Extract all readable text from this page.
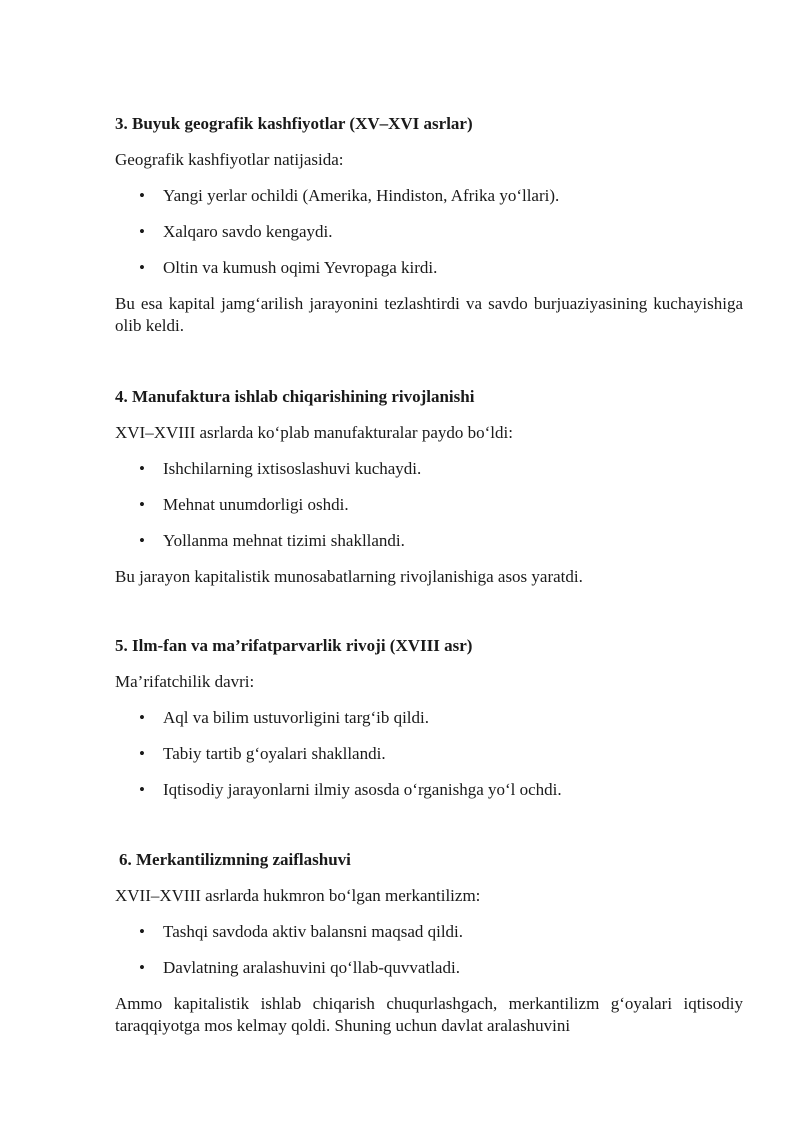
3. Buyuk geografik kashfiyotlar (XV–XVI asrlar)

Geografik kashfiyotlar natijasida:

• Yangi yerlar ochildi (Amerika, Hindiston, Afrika yo‘llari).
• Xalqaro savdo kengaydi.
• Oltin va kumush oqimi Yevropaga kirdi.

Bu esa kapital jamg‘arilish jarayonini tezlashtirdi va savdo burjuaziyasining kuchayishiga olib keldi.

4. Manufaktura ishlab chiqarishining rivojlanishi

XVI–XVIII asrlarda ko‘plab manufakturalar paydo bo‘ldi:

• Ishchilarning ixtisoslashuvi kuchaydi.
• Mehnat unumdorligi oshdi.
• Yollanma mehnat tizimi shakllandi.

Bu jarayon kapitalistik munosabatlarning rivojlanishiga asos yaratdi.

5. Ilm-fan va ma’rifatparvarlik rivoji (XVIII asr)

Ma’rifatchilik davri:

• Aql va bilim ustuvorligini targ‘ib qildi.
• Tabiy tartib g‘oyalari shakllandi.
• Iqtisodiy jarayonlarni ilmiy asosda o‘rganishga yo‘l ochdi.

6. Merkantilizmning zaiflashuvi

XVII–XVIII asrlarda hukmron bo‘lgan merkantilizm:

• Tashqi savdoda aktiv balansni maqsad qildi.
• Davlatning aralashuvini qo‘llab-quvvatladi.

Ammo kapitalistik ishlab chiqarish chuqurlashgach, merkantilizm g‘oyalari iqtisodiy taraqqiyotga mos kelmay qoldi. Shuning uchun davlat aralashuvini
